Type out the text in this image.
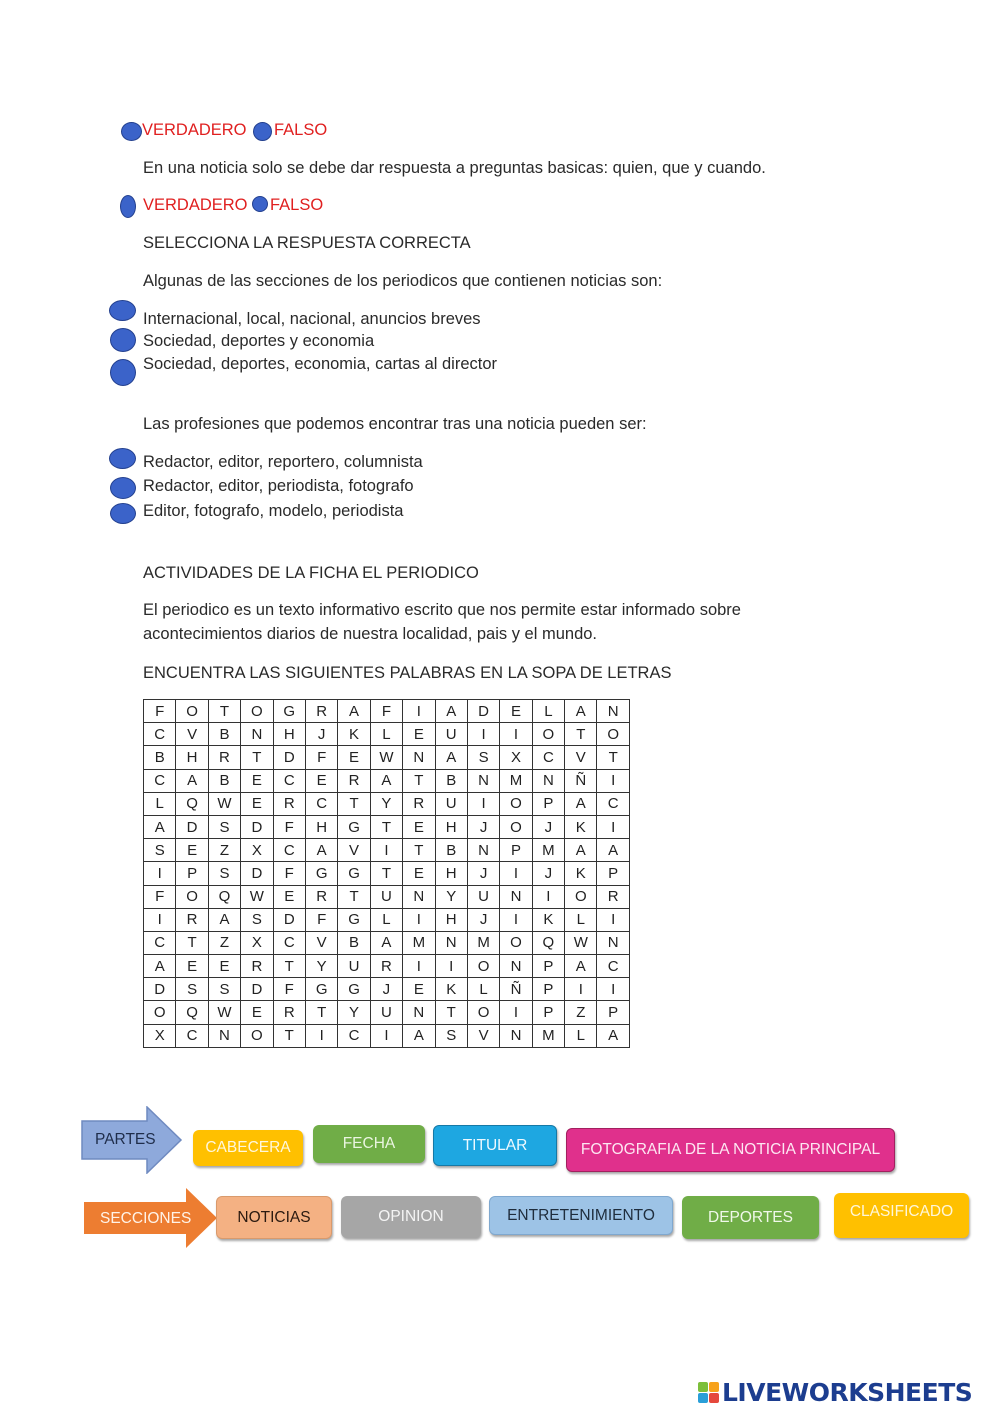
VERDADERO FALSO
En una noticia solo se debe dar respuesta a preguntas basicas: quien, que y cuando.
VERDADERO FALSO
SELECCIONA LA RESPUESTA CORRECTA
Algunas de las secciones de los periodicos que contienen noticias son:
Internacional, local, nacional, anuncios breves
Sociedad, deportes y economia
Sociedad, deportes, economia, cartas al director
Las profesiones que podemos encontrar tras una noticia pueden ser:
Redactor, editor, reportero, columnista
Redactor, editor, periodista, fotografo
Editor, fotografo, modelo, periodista
ACTIVIDADES DE LA FICHA EL PERIODICO
El periodico es un texto informativo escrito que nos permite estar informado sobre
acontecimientos diarios de nuestra localidad, pais y el mundo.
ENCUENTRA LAS SIGUIENTES PALABRAS EN LA SOPA DE LETRAS
F	O	T	O	G	R	A	F	I	A	D	E	L	A	N
C	V	B	N	H	J	K	L	E	U	I	I	O	T	O
B	H	R	T	D	F	E	W	N	A	S	X	C	V	T
C	A	B	E	C	E	R	A	T	B	N	M	N	Ñ	I
L	Q	W	E	R	C	T	Y	R	U	I	O	P	A	C
A	D	S	D	F	H	G	T	E	H	J	O	J	K	I
S	E	Z	X	C	A	V	I	T	B	N	P	M	A	A
I	P	S	D	F	G	G	T	E	H	J	I	J	K	P
F	O	Q	W	E	R	T	U	N	Y	U	N	I	O	R
I	R	A	S	D	F	G	L	I	H	J	I	K	L	I
C	T	Z	X	C	V	B	A	M	N	M	O	Q	W	N
A	E	E	R	T	Y	U	R	I	I	O	N	P	A	C
D	S	S	D	F	G	G	J	E	K	L	Ñ	P	I	I
O	Q	W	E	R	T	Y	U	N	T	O	I	P	Z	P
X	C	N	O	T	I	C	I	A	S	V	N	M	L	A
PARTES	CABECERA	FECHA	TITULAR	FOTOGRAFIA DE LA NOTICIA PRINCIPAL
SECCIONES	NOTICIAS	OPINION	ENTRETENIMIENTO	DEPORTES	CLASIFICADO
LIVEWORKSHEETS
